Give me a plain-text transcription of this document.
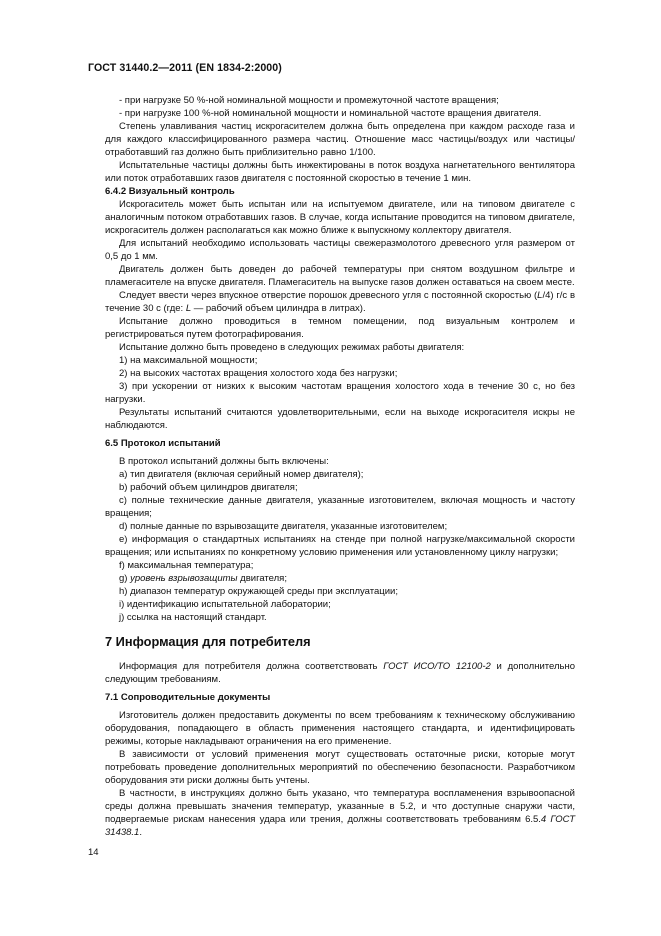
ГОСТ 31440.2—2011 (EN 1834-2:2000)

- при нагрузке 50 %-ной номинальной мощности и промежуточной частоте вращения;

- при нагрузке 100 %-ной номинальной мощности и номинальной частоте вращения двигателя.

Степень улавливания частиц искрогасителем должна быть определена при каждом расходе газа и для каждого классифицированного размера частиц. Отношение масс частицы/воздух или частицы/отработавший газ должно быть приблизительно равно 1/100.

Испытательные частицы должны быть инжектированы в поток воздуха нагнетательного вентилятора или поток отработавших газов двигателя с постоянной скоростью в течение 1 мин.

6.4.2 Визуальный контроль

Искрогаситель может быть испытан или на испытуемом двигателе, или на типовом двигателе с аналогичным потоком отработавших газов. В случае, когда испытание проводится на типовом двигателе, искрогаситель должен располагаться как можно ближе к выпускному коллектору двигателя.

Для испытаний необходимо использовать частицы свежеразмолотого древесного угля размером от 0,5 до 1 мм.

Двигатель должен быть доведен до рабочей температуры при снятом воздушном фильтре и пламегасителе на впуске двигателя. Пламегаситель на выпуске газов должен оставаться на своем месте.

Следует ввести через впускное отверстие порошок древесного угля с постоянной скоростью (L/4) г/с в течение 30 с (где: L — рабочий объем цилиндра в литрах).

Испытание должно проводиться в темном помещении, под визуальным контролем и регистрироваться путем фотографирования.

Испытание должно быть проведено в следующих режимах работы двигателя:

1) на максимальной мощности;

2) на высоких частотах вращения холостого хода без нагрузки;

3) при ускорении от низких к высоким частотам вращения холостого хода в течение 30 с, но без нагрузки.

Результаты испытаний считаются удовлетворительными, если на выходе искрогасителя искры не наблюдаются.

6.5 Протокол испытаний

В протокол испытаний должны быть включены:

a) тип двигателя (включая серийный номер двигателя);

b) рабочий объем цилиндров двигателя;

c) полные технические данные двигателя, указанные изготовителем, включая мощность и частоту вращения;

d) полные данные по взрывозащите двигателя, указанные изготовителем;

e) информация о стандартных испытаниях на стенде при полной нагрузке/максимальной скорости вращения; или испытаниях по конкретному условию применения или установленному циклу нагрузки;

f) максимальная температура;

g) уровень взрывозащиты двигателя;

h) диапазон температур окружающей среды при эксплуатации;

i) идентификацию испытательной лаборатории;

j) ссылка на настоящий стандарт.

7 Информация для потребителя

Информация для потребителя должна соответствовать ГОСТ ИСО/ТО 12100-2 и дополнительно следующим требованиям.

7.1 Сопроводительные документы

Изготовитель должен предоставить документы по всем требованиям к техническому обслуживанию оборудования, попадающего в область применения настоящего стандарта, и идентифицировать режимы, которые накладывают ограничения на его применение.

В зависимости от условий применения могут существовать остаточные риски, которые могут потребовать проведение дополнительных мероприятий по обеспечению безопасности. Разработчиком оборудования эти риски должны быть учтены.

В частности, в инструкциях должно быть указано, что температура воспламенения взрывоопасной среды должна превышать значения температур, указанные в 5.2, и что доступные снаружи части, подвергаемые рискам нанесения удара или трения, должны соответствовать требованиям 6.5.4 ГОСТ 31438.1.

14
